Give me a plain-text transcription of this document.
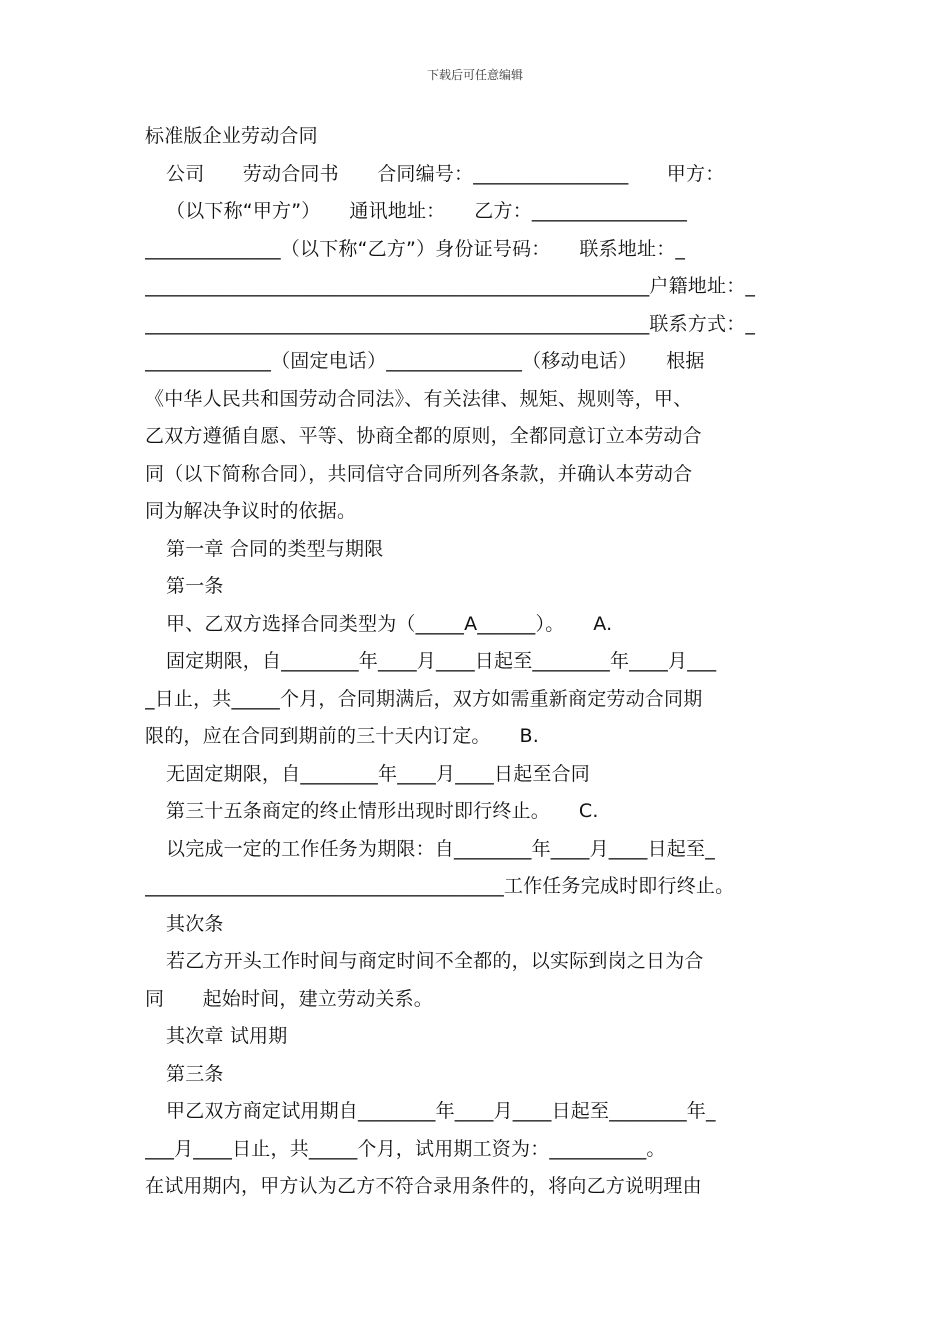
下载后可任意编辑
标准版企业劳动合同
公司　　劳动合同书　　合同编号：________________　　甲方：
（以下称“甲方”）　　通讯地址：　　乙方：________________
______________（以下称“乙方”）身份证号码：　　联系地址：_
____________________________________________________户籍地址：_
____________________________________________________联系方式：_
_____________（固定电话）______________（移动电话）　　根据
《中华人民共和国劳动合同法》、有关法律、规矩、规则等，甲、
乙双方遵循自愿、平等、协商全都的原则，全都同意订立本劳动合
同（以下简称合同），共同信守合同所列各条款，并确认本劳动合
同为解决争议时的依据。
第一章 合同的类型与期限
第一条
甲、乙双方选择合同类型为（_____A______）。　　A.
固定期限，自________年____月____日起至________年____月___
_日止，共_____个月，合同期满后，双方如需重新商定劳动合同期
限的，应在合同到期前的三十天内订定。　　B.
无固定期限，自________年____月____日起至合同
第三十五条商定的终止情形出现时即行终止。　　C.
以完成一定的工作任务为期限：自________年____月____日起至_
_____________________________________工作任务完成时即行终止。
其次条
若乙方开头工作时间与商定时间不全都的，以实际到岗之日为合
同　　起始时间，建立劳动关系。
其次章 试用期
第三条
甲乙双方商定试用期自________年____月____日起至________年_
___月____日止，共_____个月，试用期工资为：__________。
在试用期内，甲方认为乙方不符合录用条件的，将向乙方说明理由
